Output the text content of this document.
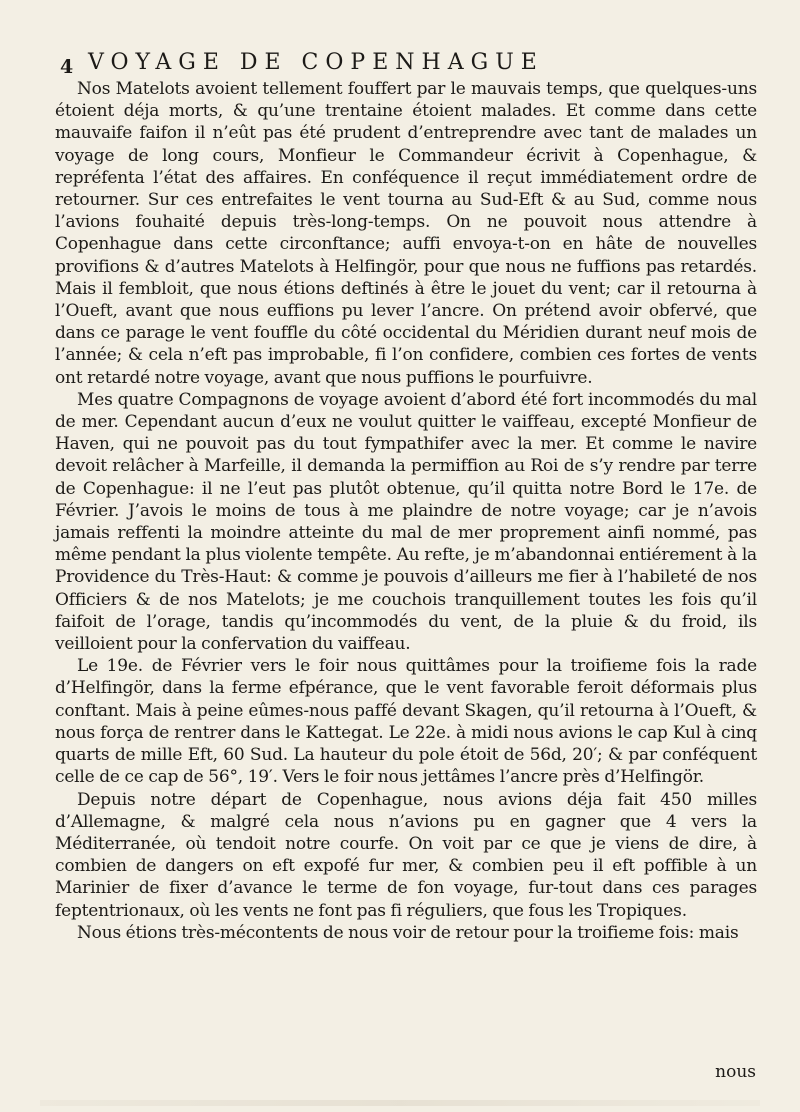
4 VOYAGE DE COPENHAGUE

Nos Matelots avoient tellement fouffert par le mauvais temps, que quelques-uns étoient déja morts, & qu’une trentaine étoient malades. Et comme dans cette mauvaife faifon il n’eût pas été prudent d’entreprendre avec tant de malades un voyage de long cours, Monfieur le Commandeur écrivit à Copenhague, & repréfenta l’état des affaires. En conféquence il reçut immédiatement ordre de retourner. Sur ces entrefaites le vent tourna au Sud-Eft & au Sud, comme nous l’avions fouhaité depuis très-long-temps. On ne pouvoit nous attendre à Copenhague dans cette circonftance; auffi envoya-t-on en hâte de nouvelles provifions & d’autres Matelots à Helfingör, pour que nous ne fuffions pas retardés. Mais il fembloit, que nous étions deftinés à être le jouet du vent; car il retourna à l’Oueft, avant que nous euffions pu lever l’ancre. On prétend avoir obfervé, que dans ce parage le vent fouffle du côté occidental du Méridien durant neuf mois de l’année; & cela n’eft pas improbable, fi l’on confidere, combien ces fortes de vents ont retardé notre voyage, avant que nous puffions le pourfuivre.

Mes quatre Compagnons de voyage avoient d’abord été fort incommodés du mal de mer. Cependant aucun d’eux ne voulut quitter le vaiffeau, excepté Monfieur de Haven, qui ne pouvoit pas du tout fympathifer avec la mer. Et comme le navire devoit relâcher à Marfeille, il demanda la permiffion au Roi de s’y rendre par terre de Copenhague: il ne l’eut pas plutôt obtenue, qu’il quitta notre Bord le 17e. de Février. J’avois le moins de tous à me plaindre de notre voyage; car je n’avois jamais reffenti la moindre atteinte du mal de mer proprement ainfi nommé, pas même pendant la plus violente tempête. Au refte, je m’abandonnai entiérement à la Providence du Très-Haut: & comme je pouvois d’ailleurs me fier à l’habileté de nos Officiers & de nos Matelots; je me couchois tranquillement toutes les fois qu’il faifoit de l’orage, tandis qu’incommodés du vent, de la pluie & du froid, ils veilloient pour la confervation du vaiffeau.

Le 19e. de Février vers le foir nous quittâmes pour la troifieme fois la rade d’Helfingör, dans la ferme efpérance, que le vent favorable feroit déformais plus conftant. Mais à peine eûmes-nous paffé devant Skagen, qu’il retourna à l’Oueft, & nous força de rentrer dans le Kattegat. Le 22e. à midi nous avions le cap Kul à cinq quarts de mille Eft, 60 Sud. La hauteur du pole étoit de 56d, 20′; & par conféquent celle de ce cap de 56°, 19′. Vers le foir nous jettâmes l’ancre près d’Helfingör.

Depuis notre départ de Copenhague, nous avions déja fait 450 milles d’Allemagne, & malgré cela nous n’avions pu en gagner que 4 vers la Méditerranée, où tendoit notre courfe. On voit par ce que je viens de dire, à combien de dangers on eft expofé fur mer, & combien peu il eft poffible à un Marinier de fixer d’avance le terme de fon voyage, fur-tout dans ces parages feptentrionaux, où les vents ne font pas fi réguliers, que fous les Tropiques.

Nous étions très-mécontents de nous voir de retour pour la troifieme fois: mais

nous
